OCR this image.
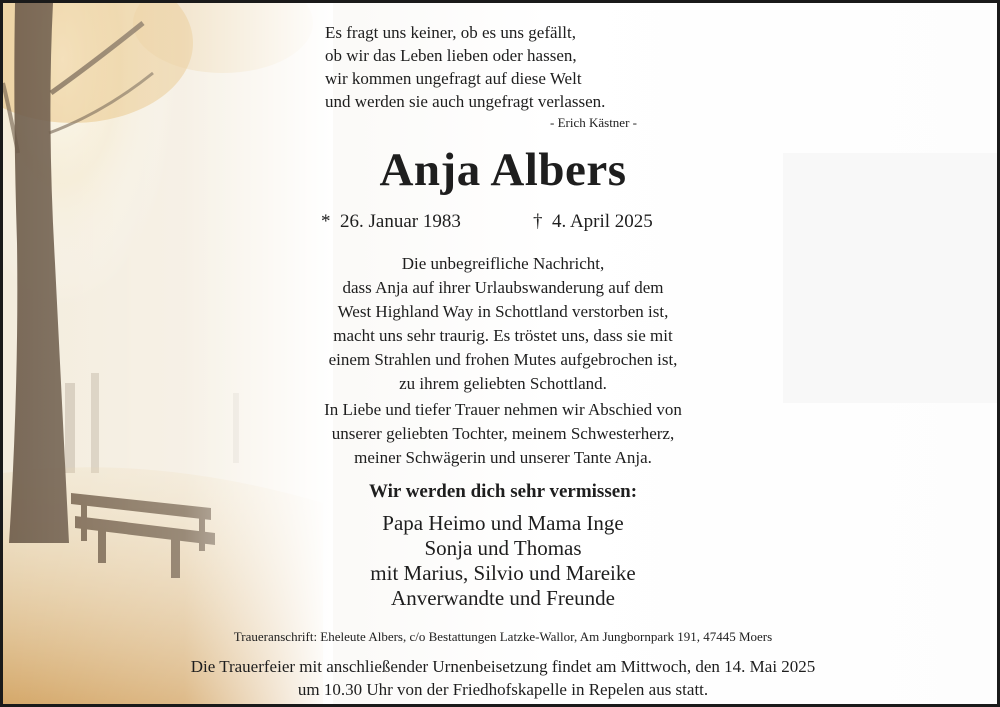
Es fragt uns keiner, ob es uns gefällt,
ob wir das Leben lieben oder hassen,
wir kommen ungefragt auf diese Welt
und werden sie auch ungefragt verlassen.
- Erich Kästner -
Anja Albers
* 26. Januar 1983	† 4. April 2025
Die unbegreifliche Nachricht,
dass Anja auf ihrer Urlaubswanderung auf dem
West Highland Way in Schottland verstorben ist,
macht uns sehr traurig. Es tröstet uns, dass sie mit
einem Strahlen und frohen Mutes aufgebrochen ist,
zu ihrem geliebten Schottland.
In Liebe und tiefer Trauer nehmen wir Abschied von
unserer geliebten Tochter, meinem Schwesterherz,
meiner Schwägerin und unserer Tante Anja.
Wir werden dich sehr vermissen:
Papa Heimo und Mama Inge
Sonja und Thomas
mit Marius, Silvio und Mareike
Anverwandte und Freunde
Traueranschrift: Eheleute Albers, c/o Bestattungen Latzke-Wallor, Am Jungbornpark 191, 47445 Moers
Die Trauerfeier mit anschließender Urnenbeisetzung findet am Mittwoch, den 14. Mai 2025
um 10.30 Uhr von der Friedhofskapelle in Repelen aus statt.
